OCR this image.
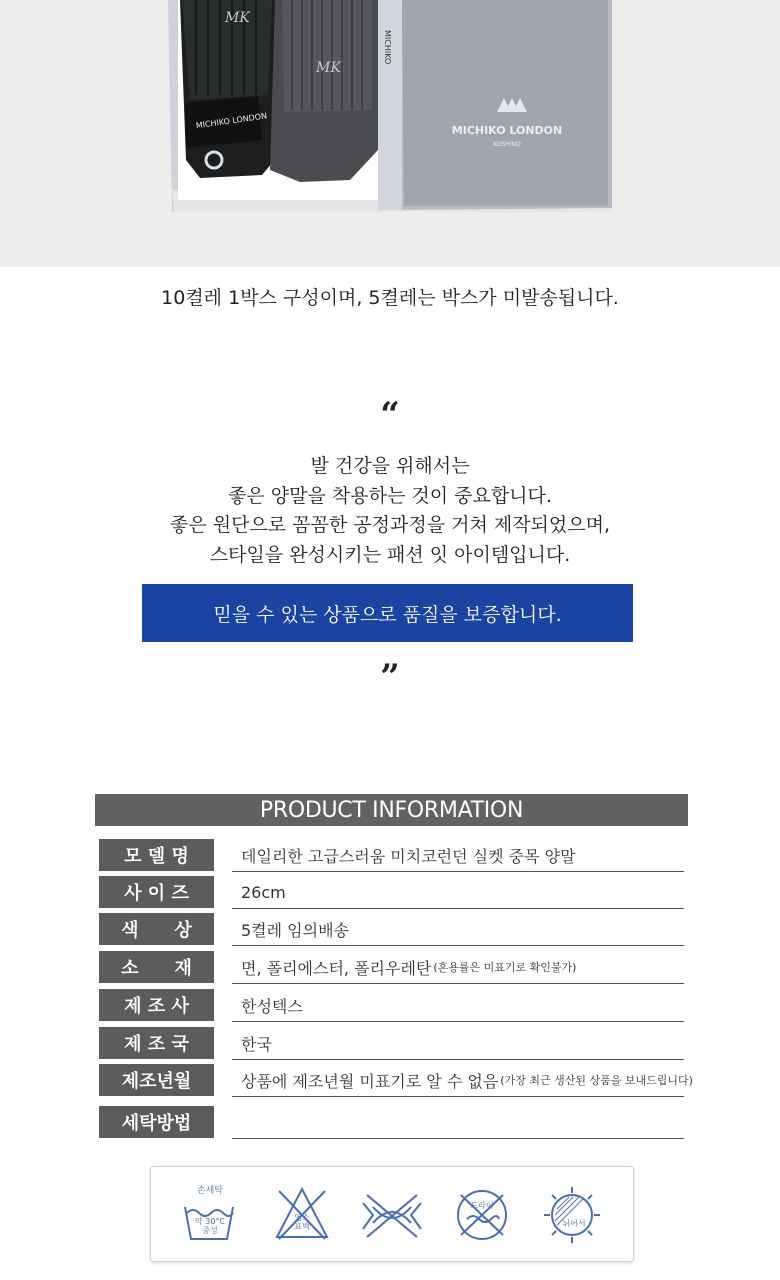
MK
MK
MICHIKO LONDON
MICHIKO
MICHIKO LONDON
KOSHINO
10켤레 1박스 구성이며, 5켤레는 박스가 미발송됩니다.
“
발 건강을 위해서는
좋은 양말을 착용하는 것이 중요합니다.
좋은 원단으로 꼼꼼한 공정과정을 거쳐 제작되었으며,
스타일을 완성시키는 패션 잇 아이템입니다.
믿을 수 있는 상품으로 품질을 보증합니다.
”
PRODUCT INFORMATION
모 델 명	데일리한 고급스러움 미치코런던 실켓 중목 양말
사 이 즈	26cm
색　　상	5켤레 임의배송
소　　재	면, 폴리에스터, 폴리우레탄 (혼용률은 미표기로 확인불가)
제 조 사	한성텍스
제 조 국	한국
제조년월	상품에 제조년월 미표기로 알 수 없음 (가장 최근 생산된 상품을 보내드립니다)
세탁방법
손세탁
약 30°C
중성
염소
표백
드라이
뉘어서
